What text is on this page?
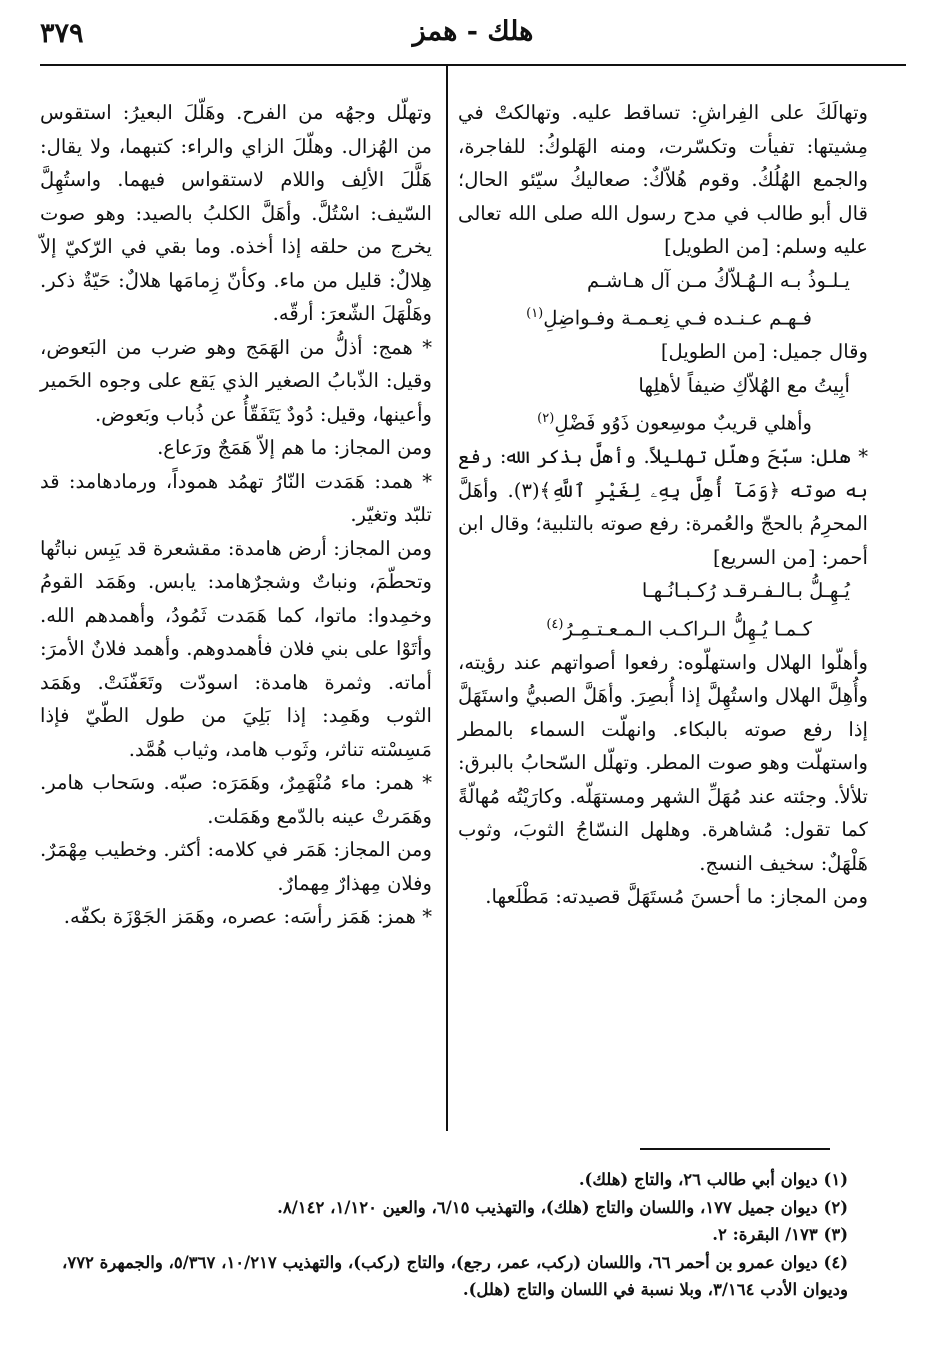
٣٧٩	هلك - همز

وتهالَكَ على الفِراشِ: تساقط عليه. وتهالكتْ في مِشيتها: تفيأت وتكسّرت، ومنه الهَلوكُ: للفاجرة، والجمع الهُلُكُ. وقوم هُلاّكٌ: صعاليكُ سيّئو الحال؛ قال أبو طالب في مدح رسول الله صلى الله تعالى عليه وسلم: [من الطويل]

يـلـوذُ بـه الـهُـلاّكُ مـن آل هـاشـم
فـهـم عـنـده فـي نِعـمـة وفـواضِلِ$^{(١)}$

وقال جميل: [من الطويل]

أبِيتُ مع الهُلاّكِ ضيفاً لأهلِها
وأهلي قريبٌ موسِعون ذَوُو فَضْلِ$^{(٢)}$

* هلل: سبّحَ وهلّل تهليلاً. وأهلَّ بذكر الله: رفع به صوته ﴿وَمَآ أُهِلَّ بِهِۦ لِغَيْرِ ٱللَّهِ﴾(٣). وأهَلَّ المحرِمُ بالحجّ والعُمرة: رفع صوته بالتلبية؛ وقال ابن أحمر: [من السريع]

يُـهِـلُّ بـالـفـرقـد رُكـبـانُـهـا
كـمـا يُـهِلُّ الـراكـب الـمـعـتـمِـرُ$^{(٤)}$

وأهلّوا الهلال واستهلّوه: رفعوا أصواتهم عند رؤيته، وأُهِلَّ الهلال واستُهِلَّ إذا أُبصِرَ. وأهَلَّ الصبيُّ واستَهَلَّ إذا رفع صوته بالبكاء. وانهلّت السماء بالمطر واستهلّت وهو صوت المطر. وتهلّل السّحابُ بالبرق: تلألأ. وجئته عند مُهَلِّ الشهر ومستهَلّه. وكارَيْتُه مُهالّةً كما تقول: مُشاهرة. وهلهل النسّاجُ الثوبَ، وثوب هَلْهَلٌ: سخيف النسج.

ومن المجاز: ما أحسنَ مُستَهَلَّ قصيدته: مَطْلَعها.

وتهلّل وجهُه من الفرح. وهَلّلَ البعيرُ: استقوس من الهُزال. وهلّلَ الزاي والراء: كتبهما، ولا يقال: هَلَّلَ الألِف واللام لاستقواس فيهما. واستُهِلَّ السّيف: اسْتُلَّ. وأهَلَّ الكلبُ بالصيد: وهو صوت يخرج من حلقه إذا أخذه. وما بقي في الرّكيّ إلاّ هِلالٌ: قليل من ماء. وكأنّ زِمامَها هلالٌ: حَيّةٌ ذكر. وهَلْهَلَ الشّعرَ: أرقّه.

* همج: أذلُّ من الهَمَج وهو ضرب من البَعوض، وقيل: الذّبابُ الصغير الذي يَقع على وجوه الحَمير وأعينها، وقيل: دُودٌ يَتَفَقّأُ عن ذُباب وبَعوض.

ومن المجاز: ما هم إلاّ هَمَجٌ ورَعاع.

* همد: هَمَدت النّارُ تهمُد هموداً، ورمادهامد: قد تلبّد وتغيّر.

ومن المجاز: أرض هامدة: مقشعرة قد يَبِس نباتُها وتحطّمَ، ونباتٌ وشجرٌهامد: يابس. وهَمَد القومُ وخمِدوا: ماتوا، كما هَمَدت ثَمُودُ، وأهمدهم الله. وأتَوْا على بني فلان فأهمدوهم. وأهمد فلانٌ الأمرَ: أماته. وثمرة هامدة: اسودّت وتَعَفّنَتْ. وهَمَد الثوب وهَمِد: إذا بَلِيَ من طول الطّيّ فإذا مَسِسْته تناثر، وثَوب هامد، وثياب هُمَّد.

* همر: ماء مُنْهَمِرٌ، وهَمَرَه: صبّه. وسَحاب هامر. وهَمَرتْ عينه بالدّمع وهَمَلت.

ومن المجاز: هَمَر في كلامه: أكثر. وخطيب مِهْمَرٌ. وفلان مِهذارٌ مِهمارٌ.

* همز: هَمَز رأسَه: عصره، وهَمَز الجَوْزَة بكفّه.

(١) ديوان أبي طالب ٢٦، والتاج (هلك).

(٢) ديوان جميل ١٧٧، واللسان والتاج (هلك)، والتهذيب ٦/١٥، والعين ١/١٢٠، ٨/١٤٢.

(٣) ١٧٣/ البقرة: ٢.

(٤) ديوان عمرو بن أحمر ٦٦، واللسان (ركب، عمر، رجع)، والتاج (ركب)، والتهذيب ١٠/٢١٧، ٥/٣٦٧، والجمهرة ٧٧٢، وديوان الأدب ٣/١٦٤، وبلا نسبة في اللسان والتاج (هلل).
